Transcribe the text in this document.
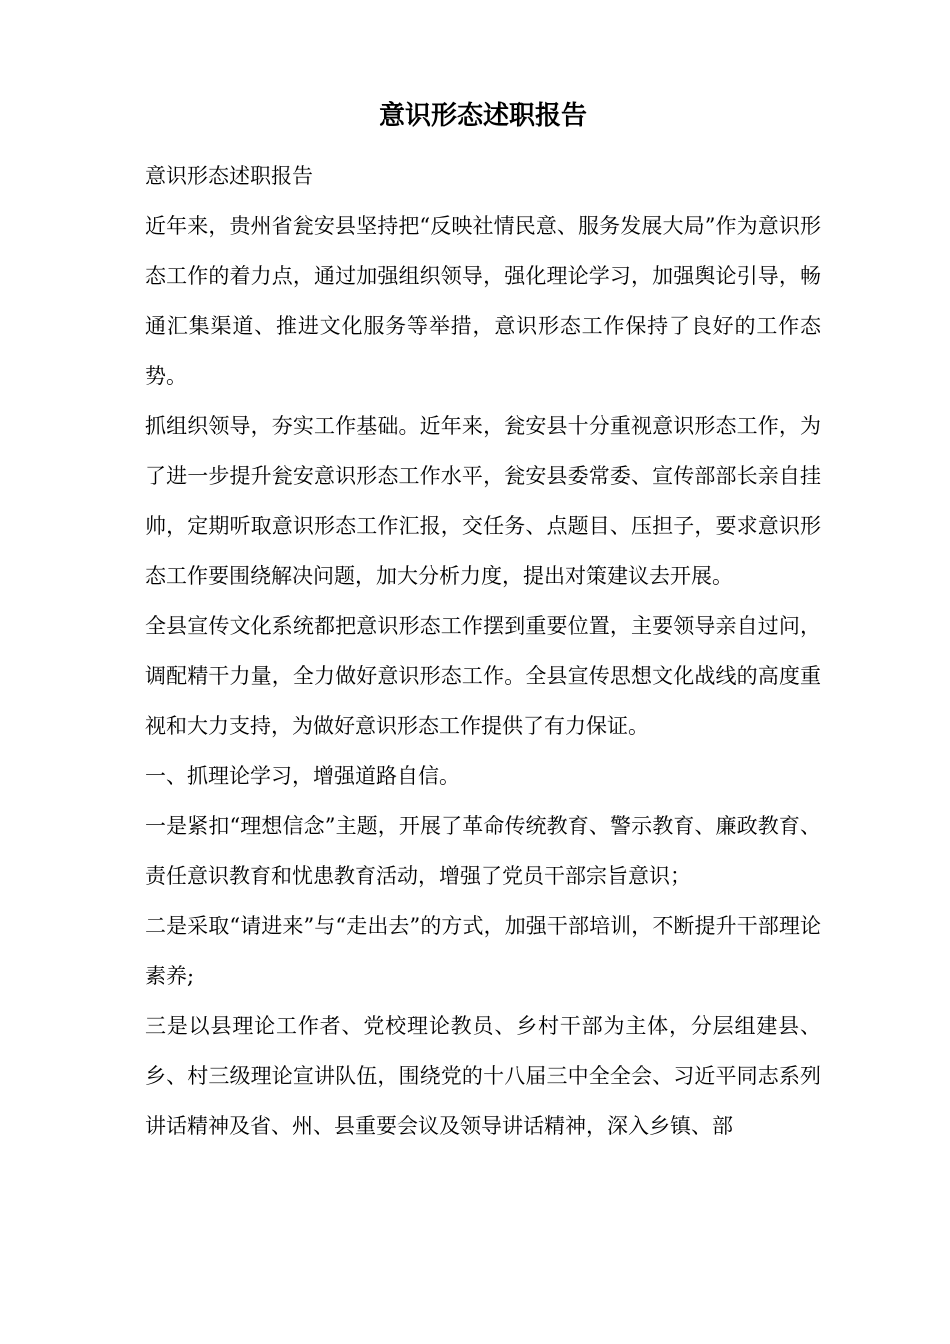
意识形态述职报告

意识形态述职报告

近年来，贵州省瓮安县坚持把“反映社情民意、服务发展大局”作为意识形态工作的着力点，通过加强组织领导，强化理论学习，加强舆论引导，畅通汇集渠道、推进文化服务等举措，意识形态工作保持了良好的工作态势。

抓组织领导，夯实工作基础。近年来，瓮安县十分重视意识形态工作，为了进一步提升瓮安意识形态工作水平，瓮安县委常委、宣传部部长亲自挂帅，定期听取意识形态工作汇报，交任务、点题目、压担子，要求意识形态工作要围绕解决问题，加大分析力度，提出对策建议去开展。

全县宣传文化系统都把意识形态工作摆到重要位置，主要领导亲自过问，调配精干力量，全力做好意识形态工作。全县宣传思想文化战线的高度重视和大力支持，为做好意识形态工作提供了有力保证。

一、抓理论学习，增强道路自信。

一是紧扣“理想信念”主题，开展了革命传统教育、警示教育、廉政教育、责任意识教育和忧患教育活动，增强了党员干部宗旨意识；

二是采取“请进来”与“走出去”的方式，加强干部培训，不断提升干部理论素养;

三是以县理论工作者、党校理论教员、乡村干部为主体，分层组建县、乡、村三级理论宣讲队伍，围绕党的十八届三中全全会、习近平同志系列讲话精神及省、州、县重要会议及领导讲话精神，深入乡镇、部
